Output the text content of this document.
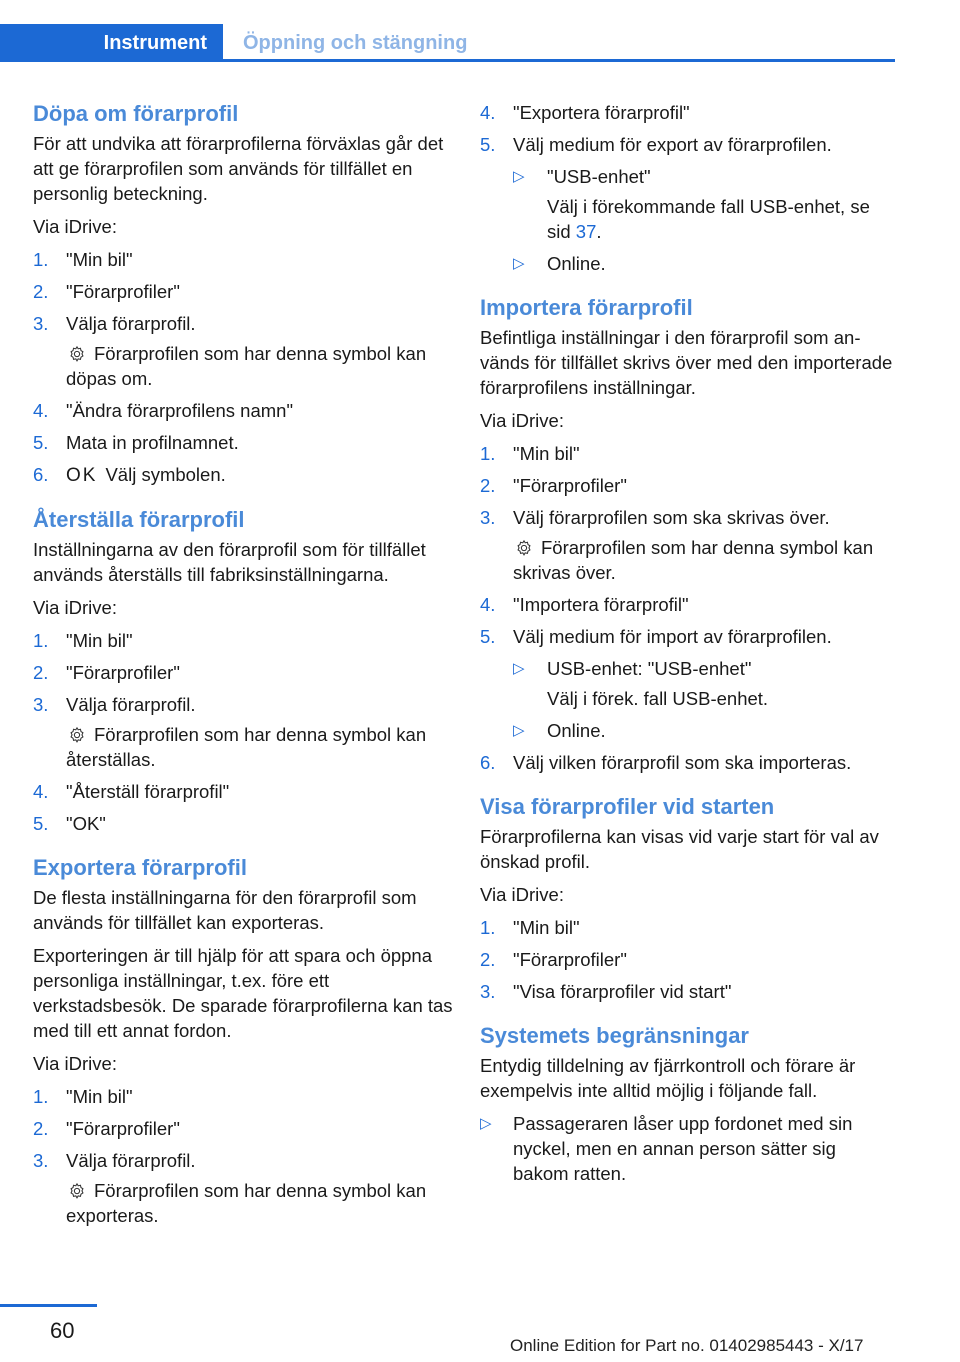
Instrument	Öppning och stängning
Döpa om förarprofil

För att undvika att förarprofilerna förväxlas går det att ge förarprofilen som används för tillfället en personlig beteckning.

Via iDrive:

1. "Min bil"
2. "Förarprofiler"
3. Välja förarprofil.
Förarprofilen som har denna symbol kan döpas om.
4. "Ändra förarprofilens namn"
5. Mata in profilnamnet.
6. OK Välj symbolen.
Återställa förarprofil

Inställningarna av den förarprofil som för tillfället används återställs till fabriksinställningarna.

Via iDrive:

1. "Min bil"
2. "Förarprofiler"
3. Välja förarprofil.
Förarprofilen som har denna symbol kan återställas.
4. "Återställ förarprofil"
5. "OK"
Exportera förarprofil

De flesta inställningarna för den förarprofil som används för tillfället kan exporteras.

Exporteringen är till hjälp för att spara och öppna personliga inställningar, t.ex. före ett verkstadsbesök. De sparade förarprofilerna kan tas med till ett annat fordon.

Via iDrive:

1. "Min bil"
2. "Förarprofiler"
3. Välja förarprofil.
Förarprofilen som har denna symbol kan exporteras.
4. "Exportera förarprofil"
5. Välj medium för export av förarprofilen.
▷ "USB-enhet"
Välj i förekommande fall USB-enhet, se sid 37.
▷ Online.
Importera förarprofil

Befintliga inställningar i den förarprofil som används för tillfället skrivs över med den importerade förarprofilens inställningar.

Via iDrive:

1. "Min bil"
2. "Förarprofiler"
3. Välj förarprofilen som ska skrivas över.
Förarprofilen som har denna symbol kan skrivas över.
4. "Importera förarprofil"
5. Välj medium för import av förarprofilen.
▷ USB-enhet: "USB-enhet"
Välj i förek. fall USB-enhet.
▷ Online.
6. Välj vilken förarprofil som ska importeras.
Visa förarprofiler vid starten

Förarprofilerna kan visas vid varje start för val av önskad profil.

Via iDrive:

1. "Min bil"
2. "Förarprofiler"
3. "Visa förarprofiler vid start"
Systemets begränsningar

Entydig tilldelning av fjärrkontroll och förare är exempelvis inte alltid möjlig i följande fall.

▷ Passageraren låser upp fordonet med sin nyckel, men en annan person sätter sig bakom ratten.
60
Online Edition for Part no. 01402985443 - X/17
